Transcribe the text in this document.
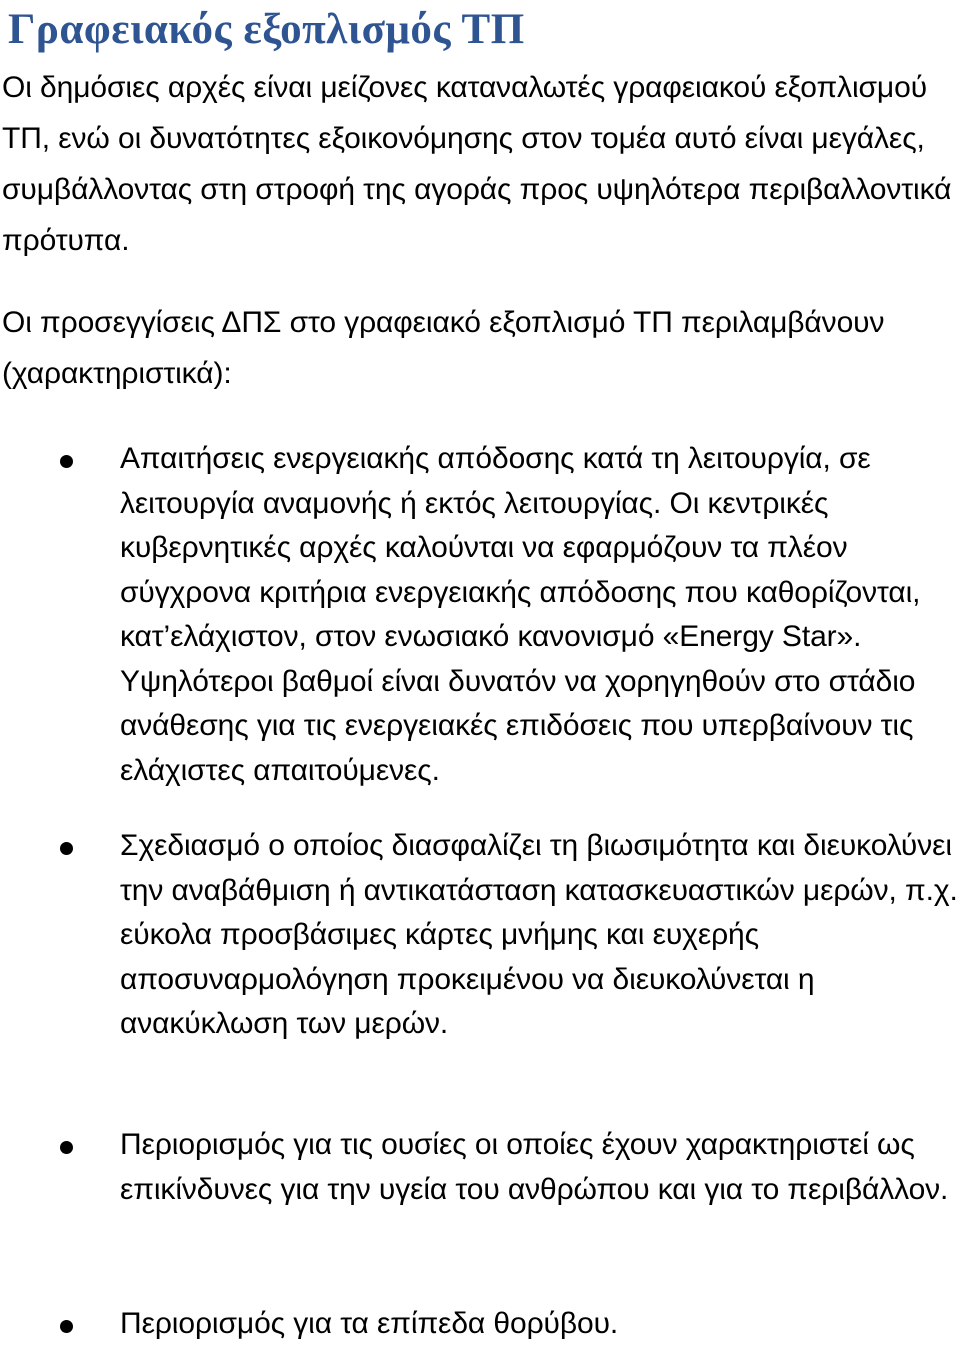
Γραφειακός εξοπλισμός ΤΠ

Οι δημόσιες αρχές είναι μείζονες καταναλωτές γραφειακού εξοπλισμού ΤΠ, ενώ οι δυνατότητες εξοικονόμησης στον τομέα αυτό είναι μεγάλες, συμβάλλοντας στη στροφή της αγοράς προς υψηλότερα περιβαλλοντικά πρότυπα.

Οι προσεγγίσεις ΔΠΣ στο γραφειακό εξοπλισμό ΤΠ περιλαμβάνουν (χαρακτηριστικά):

Απαιτήσεις ενεργειακής απόδοσης κατά τη λειτουργία, σε λειτουργία αναμονής ή εκτός λειτουργίας. Οι κεντρικές κυβερνητικές αρχές καλούνται να εφαρμόζουν τα πλέον σύγχρονα κριτήρια ενεργειακής απόδοσης που καθορίζονται, κατ’ελάχιστον, στον ενωσιακό κανονισμό «Energy Star». Υψηλότεροι βαθμοί είναι δυνατόν να χορηγηθούν στο στάδιο ανάθεσης για τις ενεργειακές επιδόσεις που υπερβαίνουν τις ελάχιστες απαιτούμενες.
Σχεδιασμό ο οποίος διασφαλίζει τη βιωσιμότητα και διευκολύνει την αναβάθμιση ή αντικατάσταση κατασκευαστικών μερών, π.χ. εύκολα προσβάσιμες κάρτες μνήμης και ευχερής αποσυναρμολόγηση προκειμένου να διευκολύνεται η ανακύκλωση των μερών.
Περιορισμός για τις ουσίες οι οποίες έχουν χαρακτηριστεί ως επικίνδυνες για την υγεία του ανθρώπου και για το περιβάλλον.
Περιορισμός για τα επίπεδα θορύβου.
